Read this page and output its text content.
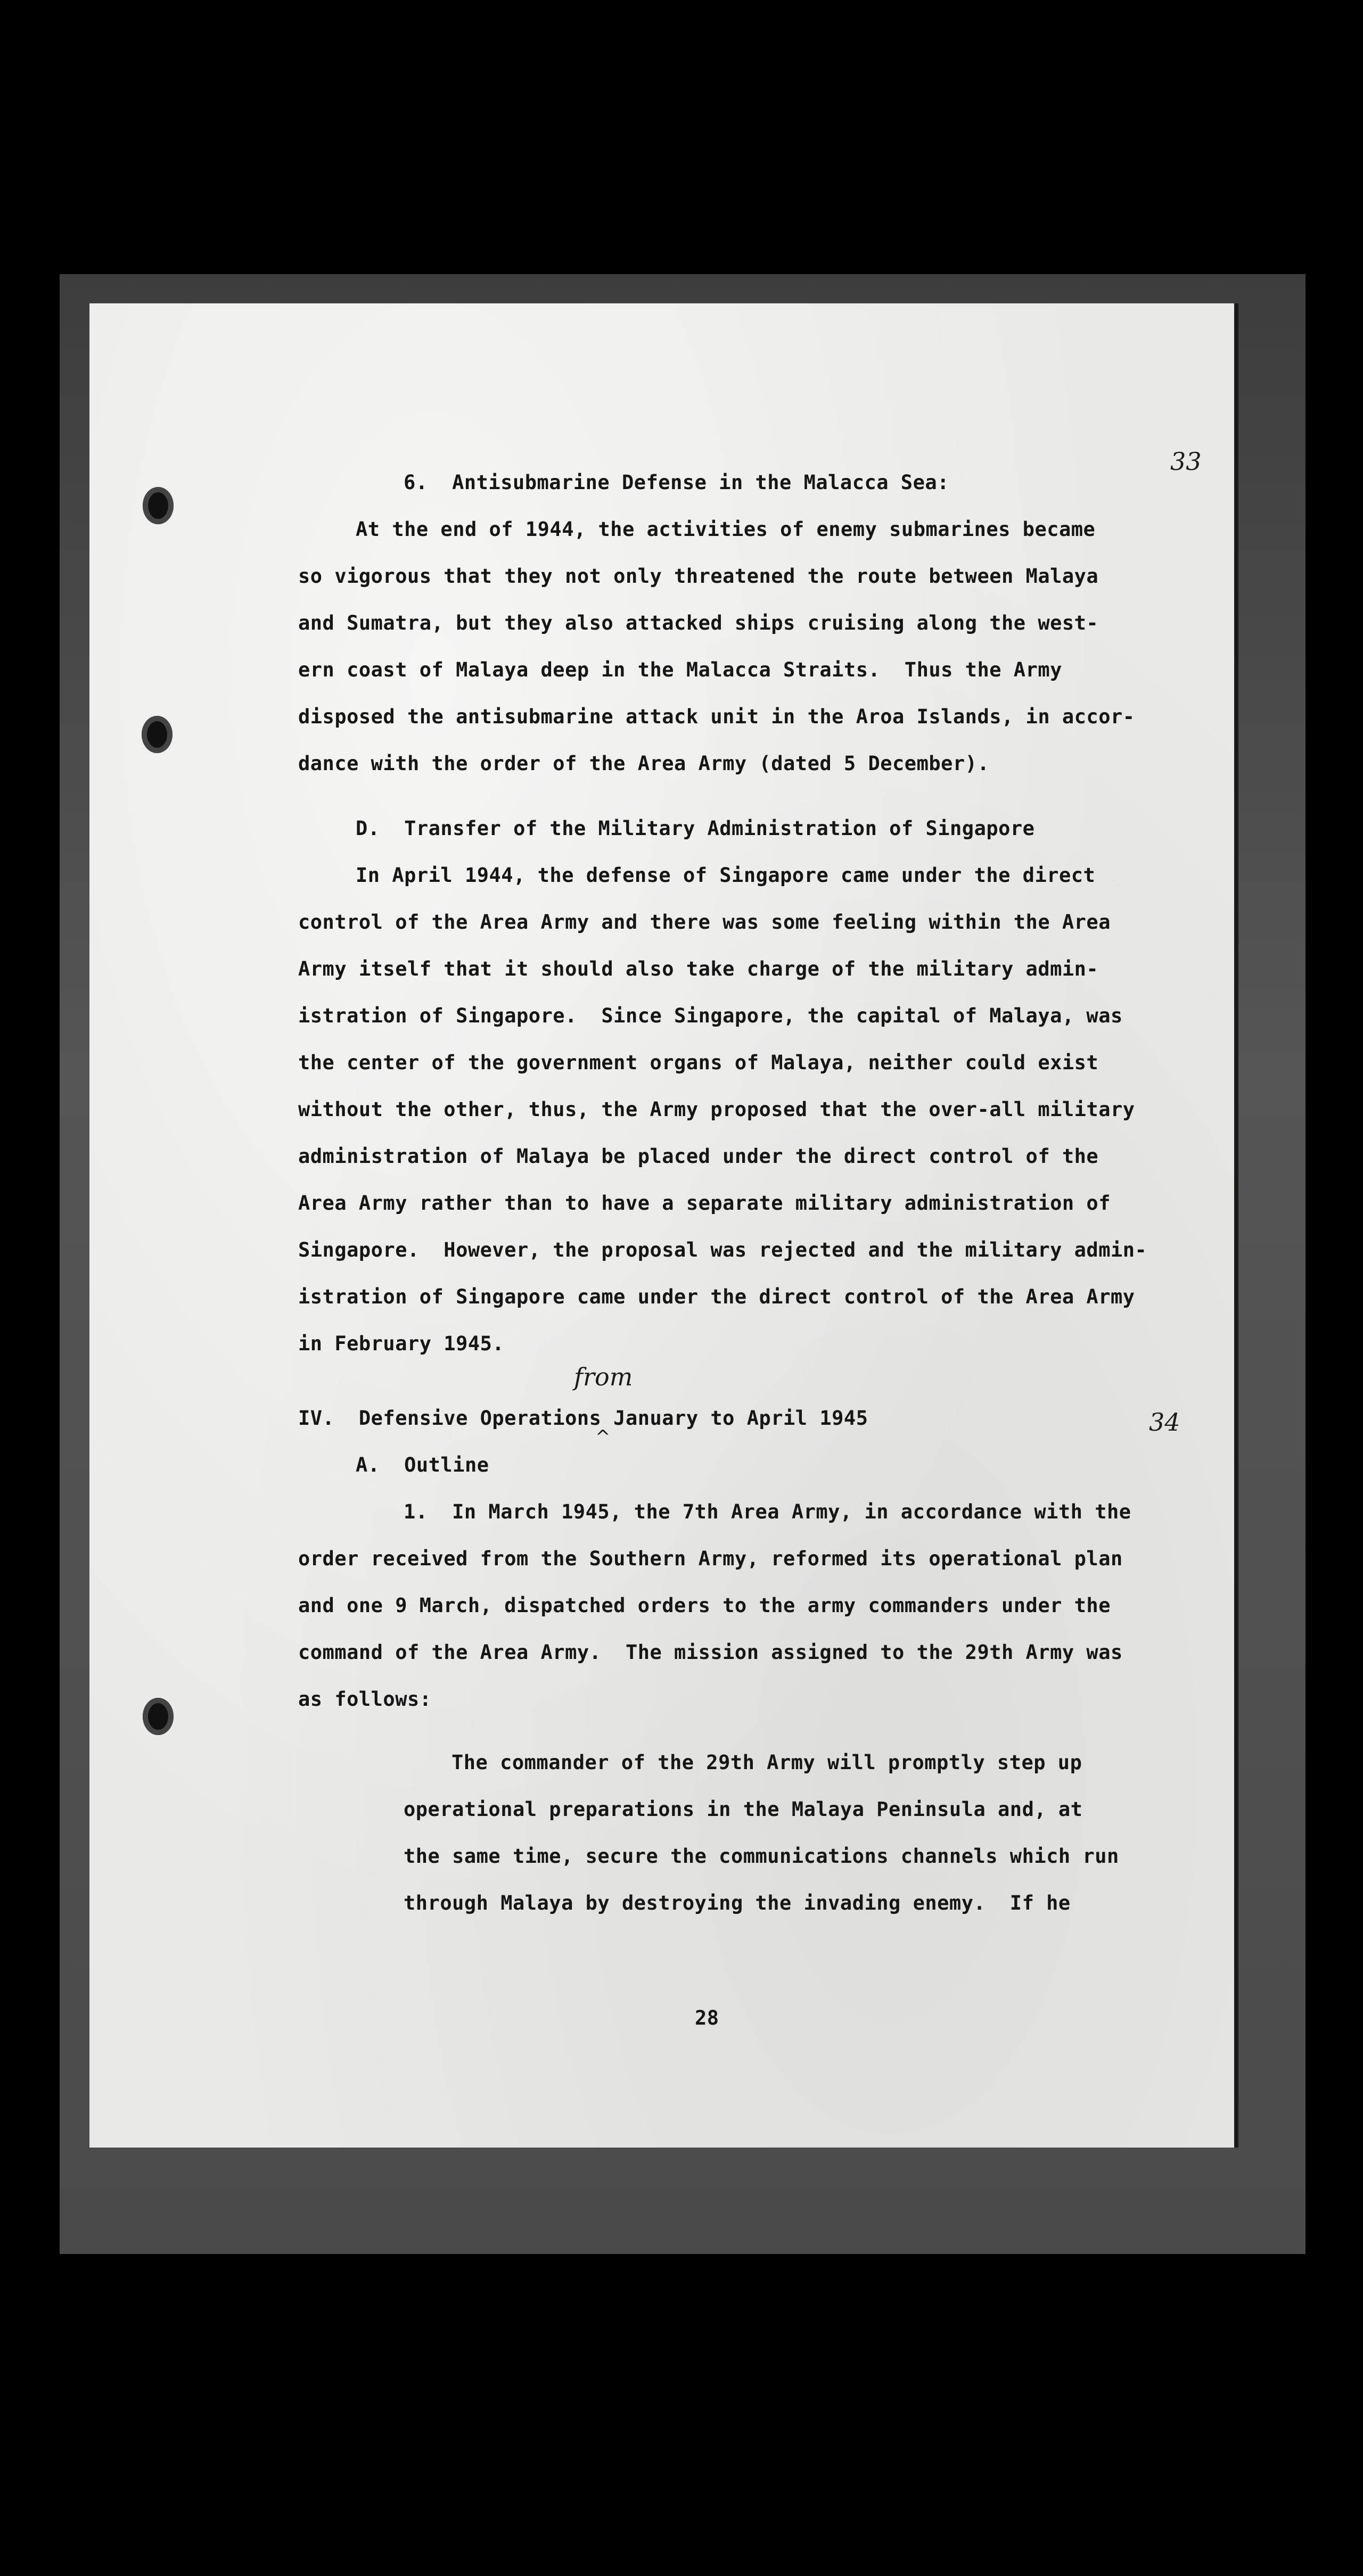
33
6.  Antisubmarine Defense in the Malacca Sea:
At the end of 1944, the activities of enemy submarines became
so vigorous that they not only threatened the route between Malaya
and Sumatra, but they also attacked ships cruising along the west-
ern coast of Malaya deep in the Malacca Straits.  Thus the Army
disposed the antisubmarine attack unit in the Aroa Islands, in accor-
dance with the order of the Area Army (dated 5 December).
D.  Transfer of the Military Administration of Singapore
In April 1944, the defense of Singapore came under the direct
control of the Area Army and there was some feeling within the Area
Army itself that it should also take charge of the military admin-
istration of Singapore.  Since Singapore, the capital of Malaya, was
the center of the government organs of Malaya, neither could exist
without the other, thus, the Army proposed that the over-all military
administration of Malaya be placed under the direct control of the
Area Army rather than to have a separate military administration of
Singapore.  However, the proposal was rejected and the military admin-
istration of Singapore came under the direct control of the Area Army
in February 1945.
from
^
IV.  Defensive Operations January to April 1945	34
A.  Outline
1.  In March 1945, the 7th Area Army, in accordance with the
order received from the Southern Army, reformed its operational plan
and one 9 March, dispatched orders to the army commanders under the
command of the Area Army.  The mission assigned to the 29th Army was
as follows:
The commander of the 29th Army will promptly step up
operational preparations in the Malaya Peninsula and, at
the same time, secure the communications channels which run
through Malaya by destroying the invading enemy.  If he
28
